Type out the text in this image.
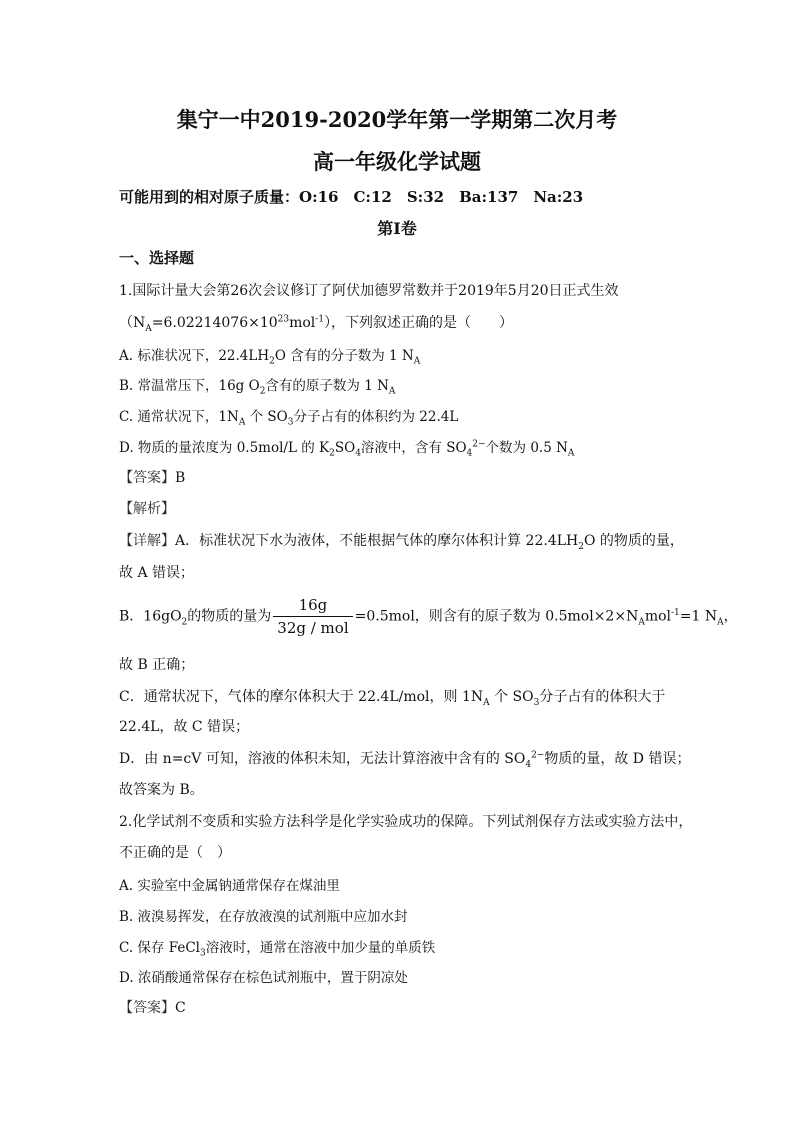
集宁一中2019-2020学年第一学期第二次月考
高一年级化学试题
可能用到的相对原子质量：O:16　C:12　S:32　Ba:137　Na:23
第Ⅰ卷
一、选择题
1.国际计量大会第26次会议修订了阿伏加德罗常数并于2019年5月20日正式生效
$(N_A=6.02214076\times 10^{23}mol^{-1})$，下列叙述正确的是（　　）
A. 标准状况下，$22.4LH_2O$ 含有的分子数为 1 $N_A$
B. 常温常压下，16g $O_2$含有的原子数为 1 $N_A$
C. 通常状况下，$1N_A$ 个 $SO_3$分子占有的体积约为 22.4L
D. 物质的量浓度为 0.5mol/L 的 $K_2SO_4$溶液中，含有 $SO_4^{2-}$个数为 0.5 $N_A$
【答案】B
【解析】
【详解】A．标准状况下水为液体，不能根据气体的摩尔体积计算 $22.4LH_2O$ 的物质的量，
故 A 错误；
B．$16gO_2$的物质的量为 $\frac{16g}{\text{32g / mol}} =0.5mol$，则含有的原子数为 $0.5mol\times 2\times N_Amol^{-1}=1$ $N_A$，
故 B 正确；
C．通常状况下，气体的摩尔体积大于 22.4L/mol，则 $1N_A$ 个 $SO_3$分子占有的体积大于
22.4L，故 C 错误；
D．由 n=cV 可知，溶液的体积未知，无法计算溶液中含有的 $SO_4^{2-}$物质的量，故 D 错误；
故答案为 B。
2.化学试剂不变质和实验方法科学是化学实验成功的保障。下列试剂保存方法或实验方法中，
不正确的是（　）
A. 实验室中金属钠通常保存在煤油里
B. 液溴易挥发，在存放液溴的试剂瓶中应加水封
C. 保存 FeCl$_3$溶液时，通常在溶液中加少量的单质铁
D. 浓硝酸通常保存在棕色试剂瓶中，置于阴凉处
【答案】C
